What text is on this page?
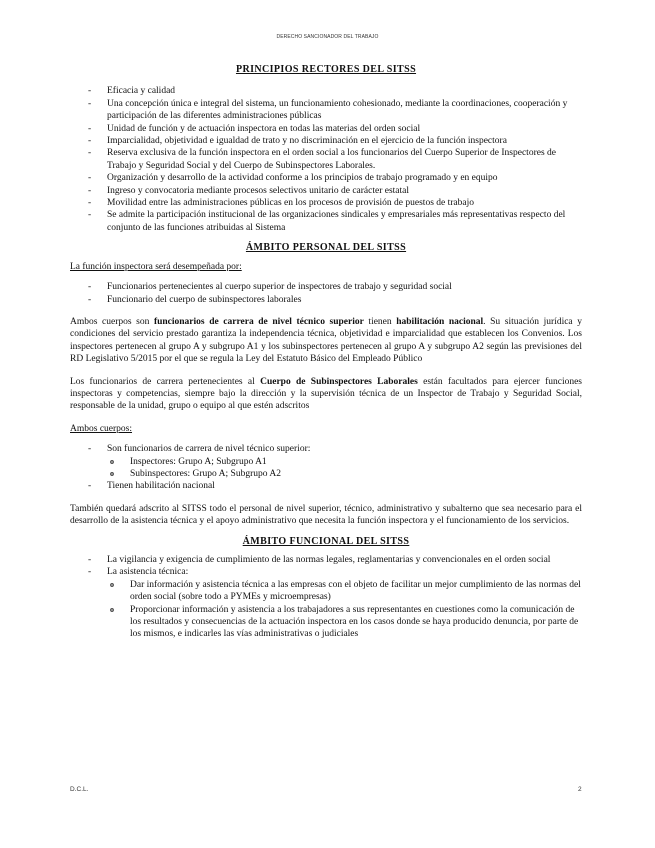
DERECHO SANCIONADOR DEL TRABAJO
PRINCIPIOS RECTORES DEL SITSS
- Eficacia y calidad
- Una concepción única e integral del sistema, un funcionamiento cohesionado, mediante la coordinaciones, cooperación y participación de las diferentes administraciones públicas
- Unidad de función y de actuación inspectora en todas las materias del orden social
- Imparcialidad, objetividad e igualdad de trato y no discriminación en el ejercicio de la función inspectora
- Reserva exclusiva de la función inspectora en el orden social a los funcionarios del Cuerpo Superior de Inspectores de Trabajo y Seguridad Social y del Cuerpo de Subinspectores Laborales.
- Organización y desarrollo de la actividad conforme a los principios de trabajo programado y en equipo
- Ingreso y convocatoria mediante procesos selectivos unitario de carácter estatal
- Movilidad entre las administraciones públicas en los procesos de provisión de puestos de trabajo
- Se admite la participación institucional de las organizaciones sindicales y empresariales más representativas respecto del conjunto de las funciones atribuidas al Sistema
ÁMBITO PERSONAL DEL SITSS

La función inspectora será desempeñada por:

- Funcionarios pertenecientes al cuerpo superior de inspectores de trabajo y seguridad social
- Funcionario del cuerpo de subinspectores laborales

Ambos cuerpos son funcionarios de carrera de nivel técnico superior tienen habilitación nacional. Su situación jurídica y condiciones del servicio prestado garantiza la independencia técnica, objetividad e imparcialidad que establecen los Convenios. Los inspectores pertenecen al grupo A y subgrupo A1 y los subinspectores pertenecen al grupo A y subgrupo A2 según las previsiones del RD Legislativo 5/2015 por el que se regula la Ley del Estatuto Básico del Empleado Público

Los funcionarios de carrera pertenecientes al Cuerpo de Subinspectores Laborales están facultados para ejercer funciones inspectoras y competencias, siempre bajo la dirección y la supervisión técnica de un Inspector de Trabajo y Seguridad Social, responsable de la unidad, grupo o equipo al que estén adscritos

Ambos cuerpos:

- Son funcionarios de carrera de nivel técnico superior:
o Inspectores: Grupo A; Subgrupo A1
o Subinspectores: Grupo A; Subgrupo A2
- Tienen habilitación nacional

También quedará adscrito al SITSS todo el personal de nivel superior, técnico, administrativo y subalterno que sea necesario para el desarrollo de la asistencia técnica y el apoyo administrativo que necesita la función inspectora y el funcionamiento de los servicios.

ÁMBITO FUNCIONAL DEL SITSS
- La vigilancia y exigencia de cumplimiento de las normas legales, reglamentarias y convencionales en el orden social
- La asistencia técnica:
o Dar información y asistencia técnica a las empresas con el objeto de facilitar un mejor cumplimiento de las normas del orden social (sobre todo a PYMEs y microempresas)
o Proporcionar información y asistencia a los trabajadores a sus representantes en cuestiones como la comunicación de los resultados y consecuencias de la actuación inspectora en los casos donde se haya producido denuncia, por parte de los mismos, e indicarles las vías administrativas o judiciales
D.C.L.	2
